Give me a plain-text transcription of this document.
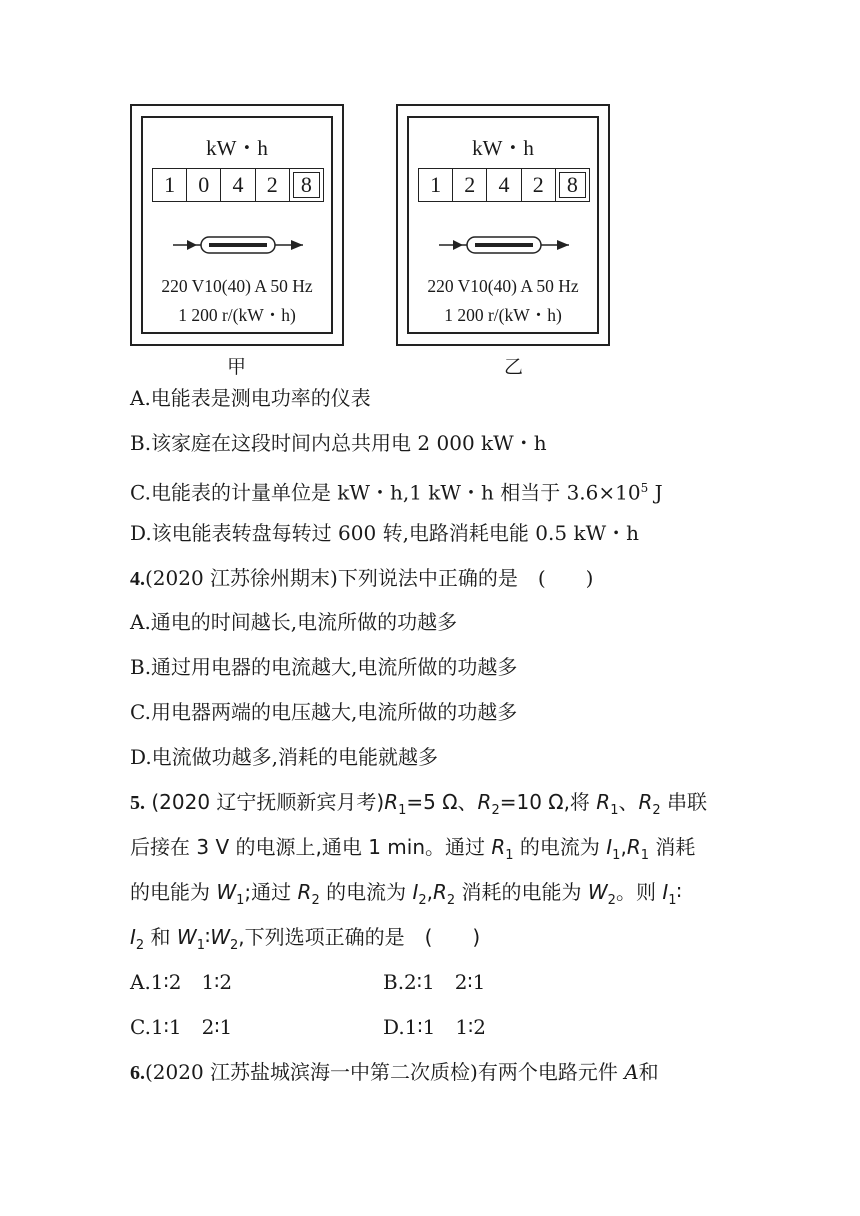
kW・h
1	0	4	2	8
220 V10(40) A 50 Hz
1 200 r/(kW・h)
甲
kW・h
1	2	4	2	8
220 V10(40) A 50 Hz
1 200 r/(kW・h)
乙
A.电能表是测电功率的仪表
B.该家庭在这段时间内总共用电 2 000 kW・h
C.电能表的计量单位是 kW・h,1 kW・h 相当于 $3.6\times 10^5$ J
D.该电能表转盘每转过 600 转,电路消耗电能 0.5 kW・h
4.(2020 江苏徐州期末)下列说法中正确的是　(　　)
A.通电的时间越长,电流所做的功越多
B.通过用电器的电流越大,电流所做的功越多
C.用电器两端的电压越大,电流所做的功越多
D.电流做功越多,消耗的电能就越多
5. (2020 辽宁抚顺新宾月考)$R_1=5$ Ω、$R_2=10$ Ω,将 $R_1$、$R_2$ 串联
后接在 3 V 的电源上,通电 1 min。通过 $R_1$ 的电流为 $I_1,R_1$ 消耗
的电能为 $W_1$;通过 $R_2$ 的电流为 $I_2,R_2$ 消耗的电能为 $W_2$。则 $I_1∶$
$I_2$ 和 $W_1∶W_2$,下列选项正确的是　(　　)
A.1∶2　1∶2	B.2∶1　2∶1
C.1∶1　2∶1	D.1∶1　1∶2
6.(2020 江苏盐城滨海一中第二次质检)有两个电路元件 A和
